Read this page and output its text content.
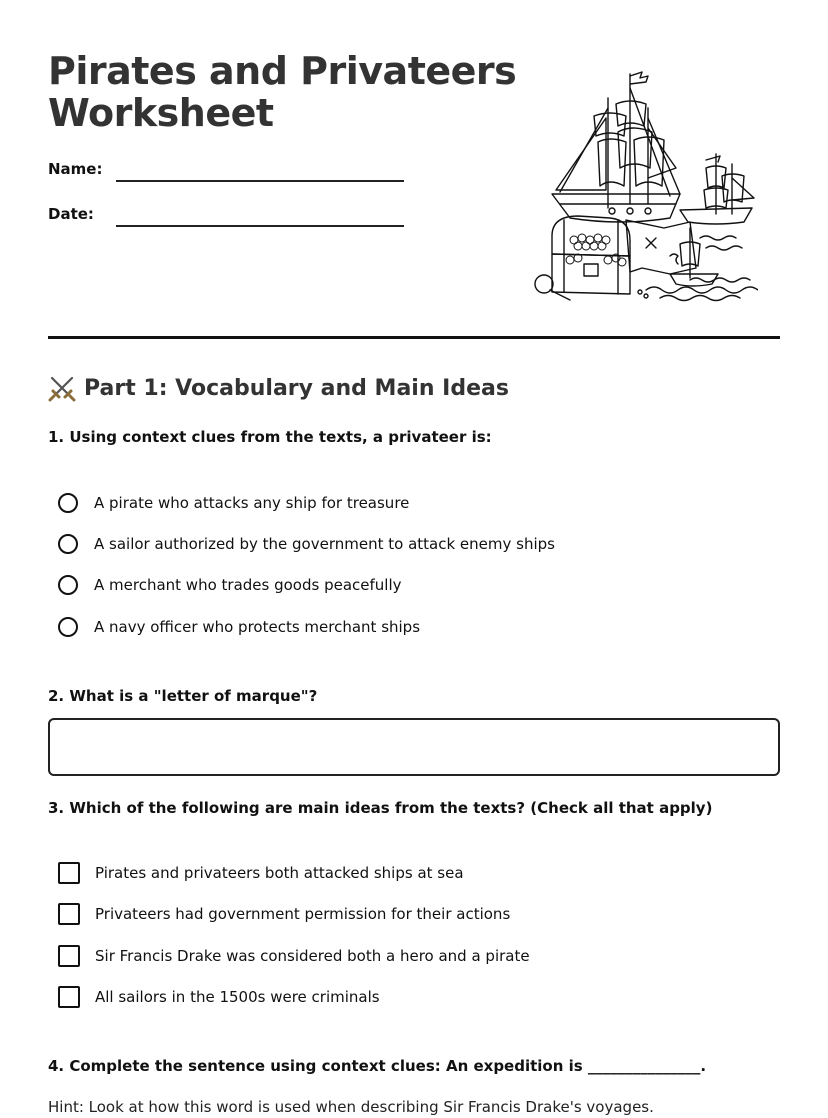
Pirates and Privateers
Worksheet
Name:
Date:
Part 1: Vocabulary and Main Ideas

1. Using context clues from the texts, a privateer is:

A pirate who attacks any ship for treasure
A sailor authorized by the government to attack enemy ships
A merchant who trades goods peacefully
A navy officer who protects merchant ships

2. What is a "letter of marque"?

3. Which of the following are main ideas from the texts? (Check all that apply)

Pirates and privateers both attacked ships at sea
Privateers had government permission for their actions
Sir Francis Drake was considered both a hero and a pirate
All sailors in the 1500s were criminals

4. Complete the sentence using context clues: An expedition is _______________.

Hint: Look at how this word is used when describing Sir Francis Drake's voyages.
